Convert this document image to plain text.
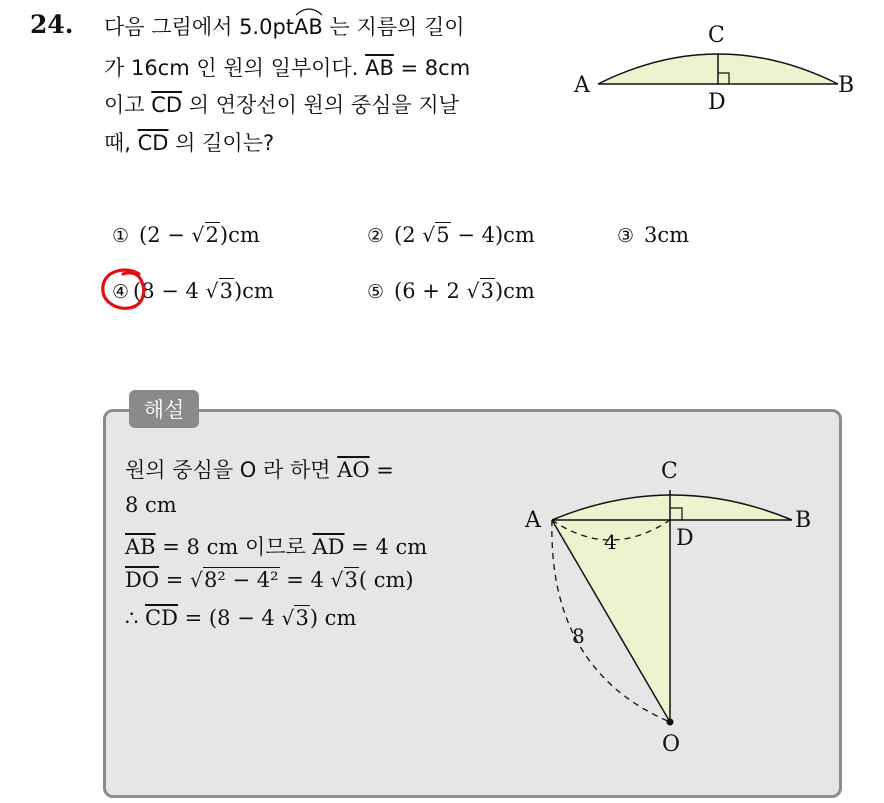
24. 다음 그림에서 5.0pt
AB 는 지름의 길이
가 16cm 인 원의 일부이다. $\overline{AB} = 8cm$
이고 $\overline{CD}$ 의 연장선이 원의 중심을 지날
때, $\overline{CD}$ 의 길이는?
A	B
C
D
① (2 − √ 2)cm	② (2 √ 5 − 4)cm	③ 3cm
④ (8 − 4 √ 3)cm	⑤ (6 + 2 √ 3)cm
해설
원의 중심을 O 라 하면 $\overline{AO}$ =
8 cm
$\overline{AB} = 8$ cm 이므로 $\overline{AD} = 4$ cm
$\overline{DO}$ = √ 8² − 4² = 4 √ 3( cm)
∴ $\overline{CD} = (8 - 4$ √ 3) cm
A	B
C
D
O
4
8
